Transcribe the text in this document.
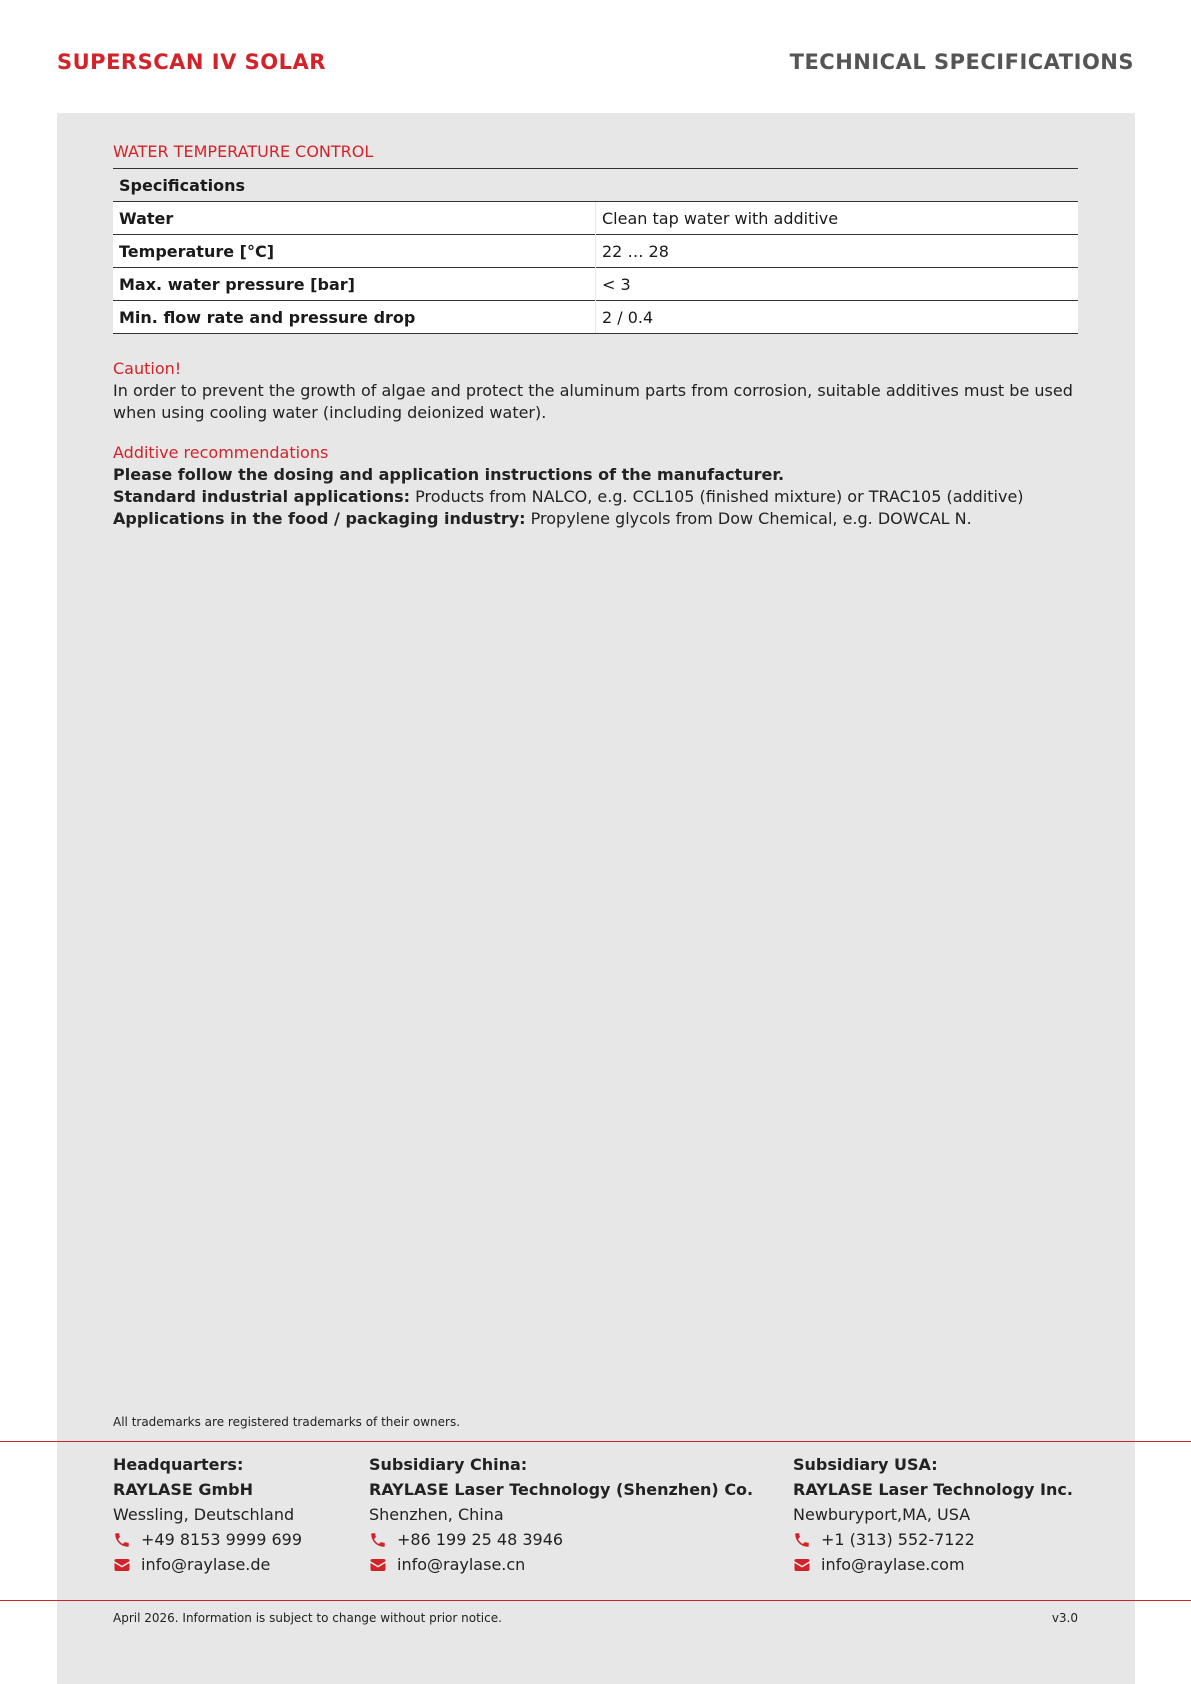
SUPERSCAN IV SOLAR	TECHNICAL SPECIFICATIONS
WATER TEMPERATURE CONTROL
Specifications	
Water	Clean tap water with additive
Temperature [°C]	22 … 28
Max. water pressure [bar]	< 3
Min. flow rate and pressure drop	2 / 0.4
Caution!
In order to prevent the growth of algae and protect the aluminum parts from corrosion, suitable additives must be used when using cooling water (including deionized water).
Additive recommendations
Please follow the dosing and application instructions of the manufacturer.
Standard industrial applications: Products from NALCO, e.g. CCL105 (finished mixture) or TRAC105 (additive)
Applications in the food / packaging industry: Propylene glycols from Dow Chemical, e.g. DOWCAL N.
All trademarks are registered trademarks of their owners.
Headquarters:
RAYLASE GmbH
Wessling, Deutschland
+49 8153 9999 699
info@raylase.de
Subsidiary China:
RAYLASE Laser Technology (Shenzhen) Co.
Shenzhen, China
+86 199 25 48 3946
info@raylase.cn
Subsidiary USA:
RAYLASE Laser Technology Inc.
Newburyport,MA, USA
+1 (313) 552-7122
info@raylase.com
April 2026. Information is subject to change without prior notice.	v3.0
